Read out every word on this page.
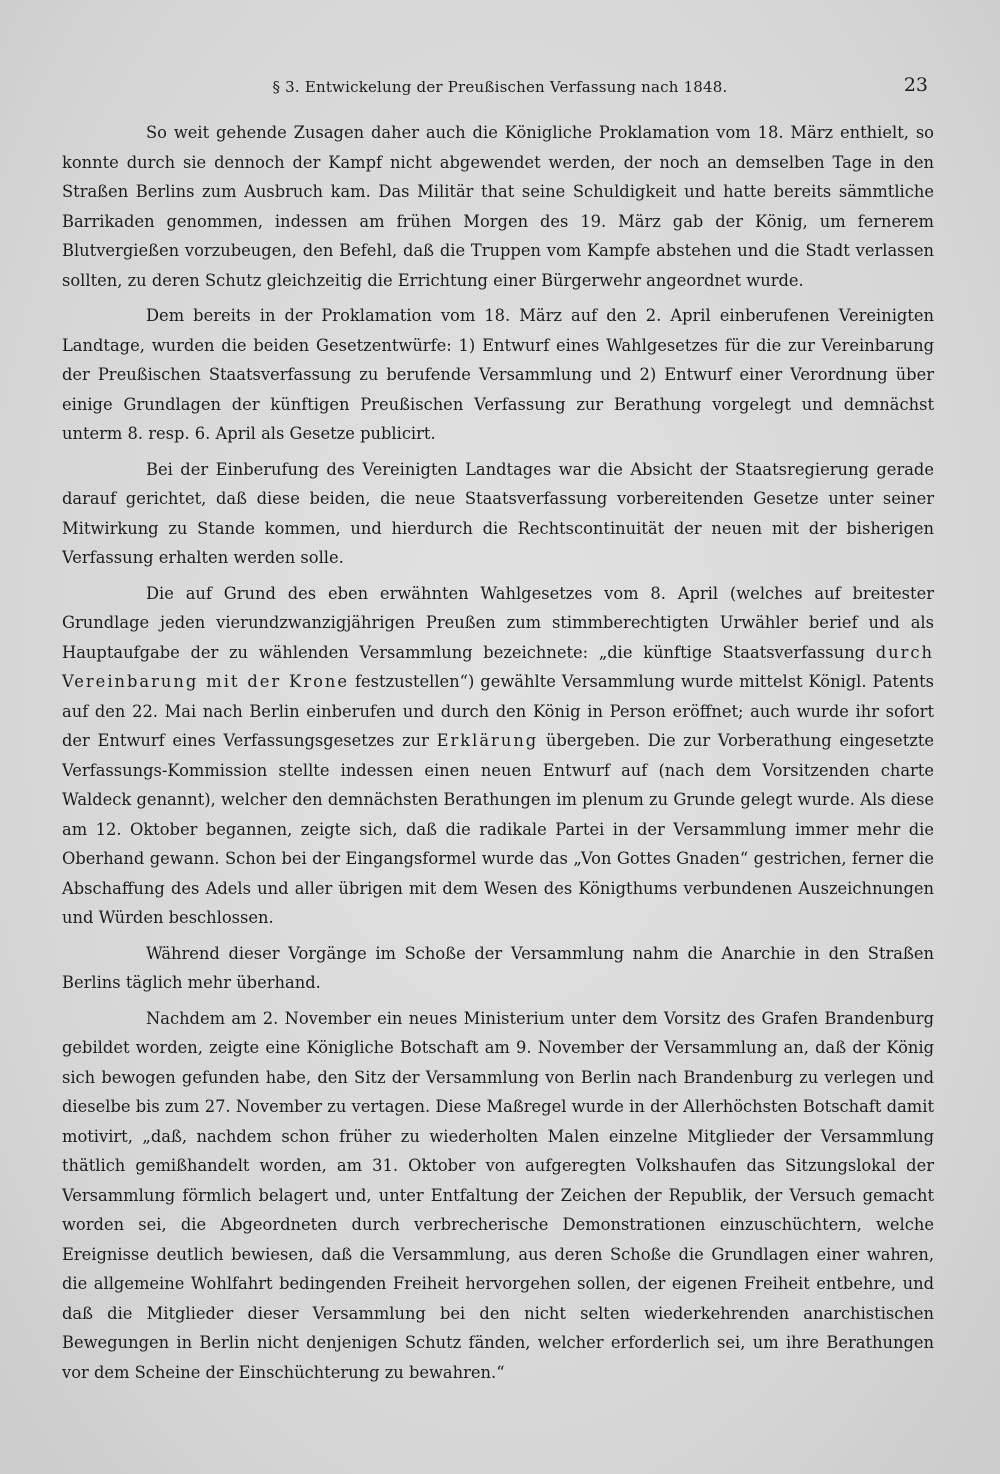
§ 3. Entwickelung der Preußischen Verfassung nach 1848.	23

So weit gehende Zusagen daher auch die Königliche Proklamation vom 18. März enthielt, so konnte durch sie dennoch der Kampf nicht abgewendet werden, der noch an demselben Tage in den Straßen Berlins zum Ausbruch kam. Das Militär that seine Schuldigkeit und hatte bereits sämmtliche Barrikaden genommen, indessen am frühen Morgen des 19. März gab der König, um fernerem Blutvergießen vorzubeugen, den Befehl, daß die Truppen vom Kampfe abstehen und die Stadt verlassen sollten, zu deren Schutz gleichzeitig die Errichtung einer Bürgerwehr angeordnet wurde.

Dem bereits in der Proklamation vom 18. März auf den 2. April einberufenen Vereinigten Landtage, wurden die beiden Gesetzentwürfe: 1) Entwurf eines Wahlgesetzes für die zur Vereinbarung der Preußischen Staatsverfassung zu berufende Versammlung und 2) Entwurf einer Verordnung über einige Grundlagen der künftigen Preußischen Verfassung zur Berathung vorgelegt und demnächst unterm 8. resp. 6. April als Gesetze publicirt.

Bei der Einberufung des Vereinigten Landtages war die Absicht der Staatsregierung gerade darauf gerichtet, daß diese beiden, die neue Staatsverfassung vorbereitenden Gesetze unter seiner Mitwirkung zu Stande kommen, und hierdurch die Rechtscontinuität der neuen mit der bisherigen Verfassung erhalten werden solle.

Die auf Grund des eben erwähnten Wahlgesetzes vom 8. April (welches auf breitester Grundlage jeden vierundzwanzigjährigen Preußen zum stimmberechtigten Urwähler berief und als Hauptaufgabe der zu wählenden Versammlung bezeichnete: „die künftige Staatsverfassung durch Vereinbarung mit der Krone festzustellen“) gewählte Versammlung wurde mittelst Königl. Patents auf den 22. Mai nach Berlin einberufen und durch den König in Person eröffnet; auch wurde ihr sofort der Entwurf eines Verfassungsgesetzes zur Erklärung übergeben. Die zur Vorberathung eingesetzte Verfassungs-Kommission stellte indessen einen neuen Entwurf auf (nach dem Vorsitzenden charte Waldeck genannt), welcher den demnächsten Berathungen im plenum zu Grunde gelegt wurde. Als diese am 12. Oktober begannen, zeigte sich, daß die radikale Partei in der Versammlung immer mehr die Oberhand gewann. Schon bei der Eingangsformel wurde das „Von Gottes Gnaden“ gestrichen, ferner die Abschaffung des Adels und aller übrigen mit dem Wesen des Königthums verbundenen Auszeichnungen und Würden beschlossen.

Während dieser Vorgänge im Schoße der Versammlung nahm die Anarchie in den Straßen Berlins täglich mehr überhand.

Nachdem am 2. November ein neues Ministerium unter dem Vorsitz des Grafen Brandenburg gebildet worden, zeigte eine Königliche Botschaft am 9. November der Versammlung an, daß der König sich bewogen gefunden habe, den Sitz der Versammlung von Berlin nach Brandenburg zu verlegen und dieselbe bis zum 27. November zu vertagen. Diese Maßregel wurde in der Allerhöchsten Botschaft damit motivirt, „daß, nachdem schon früher zu wiederholten Malen einzelne Mitglieder der Versammlung thätlich gemißhandelt worden, am 31. Oktober von aufgeregten Volkshaufen das Sitzungslokal der Versammlung förmlich belagert und, unter Entfaltung der Zeichen der Republik, der Versuch gemacht worden sei, die Abgeordneten durch verbrecherische Demonstrationen einzuschüchtern, welche Ereignisse deutlich bewiesen, daß die Versammlung, aus deren Schoße die Grundlagen einer wahren, die allgemeine Wohlfahrt bedingenden Freiheit hervorgehen sollen, der eigenen Freiheit entbehre, und daß die Mitglieder dieser Versammlung bei den nicht selten wiederkehrenden anarchistischen Bewegungen in Berlin nicht denjenigen Schutz fänden, welcher erforderlich sei, um ihre Berathungen vor dem Scheine der Einschüchterung zu bewahren.“
